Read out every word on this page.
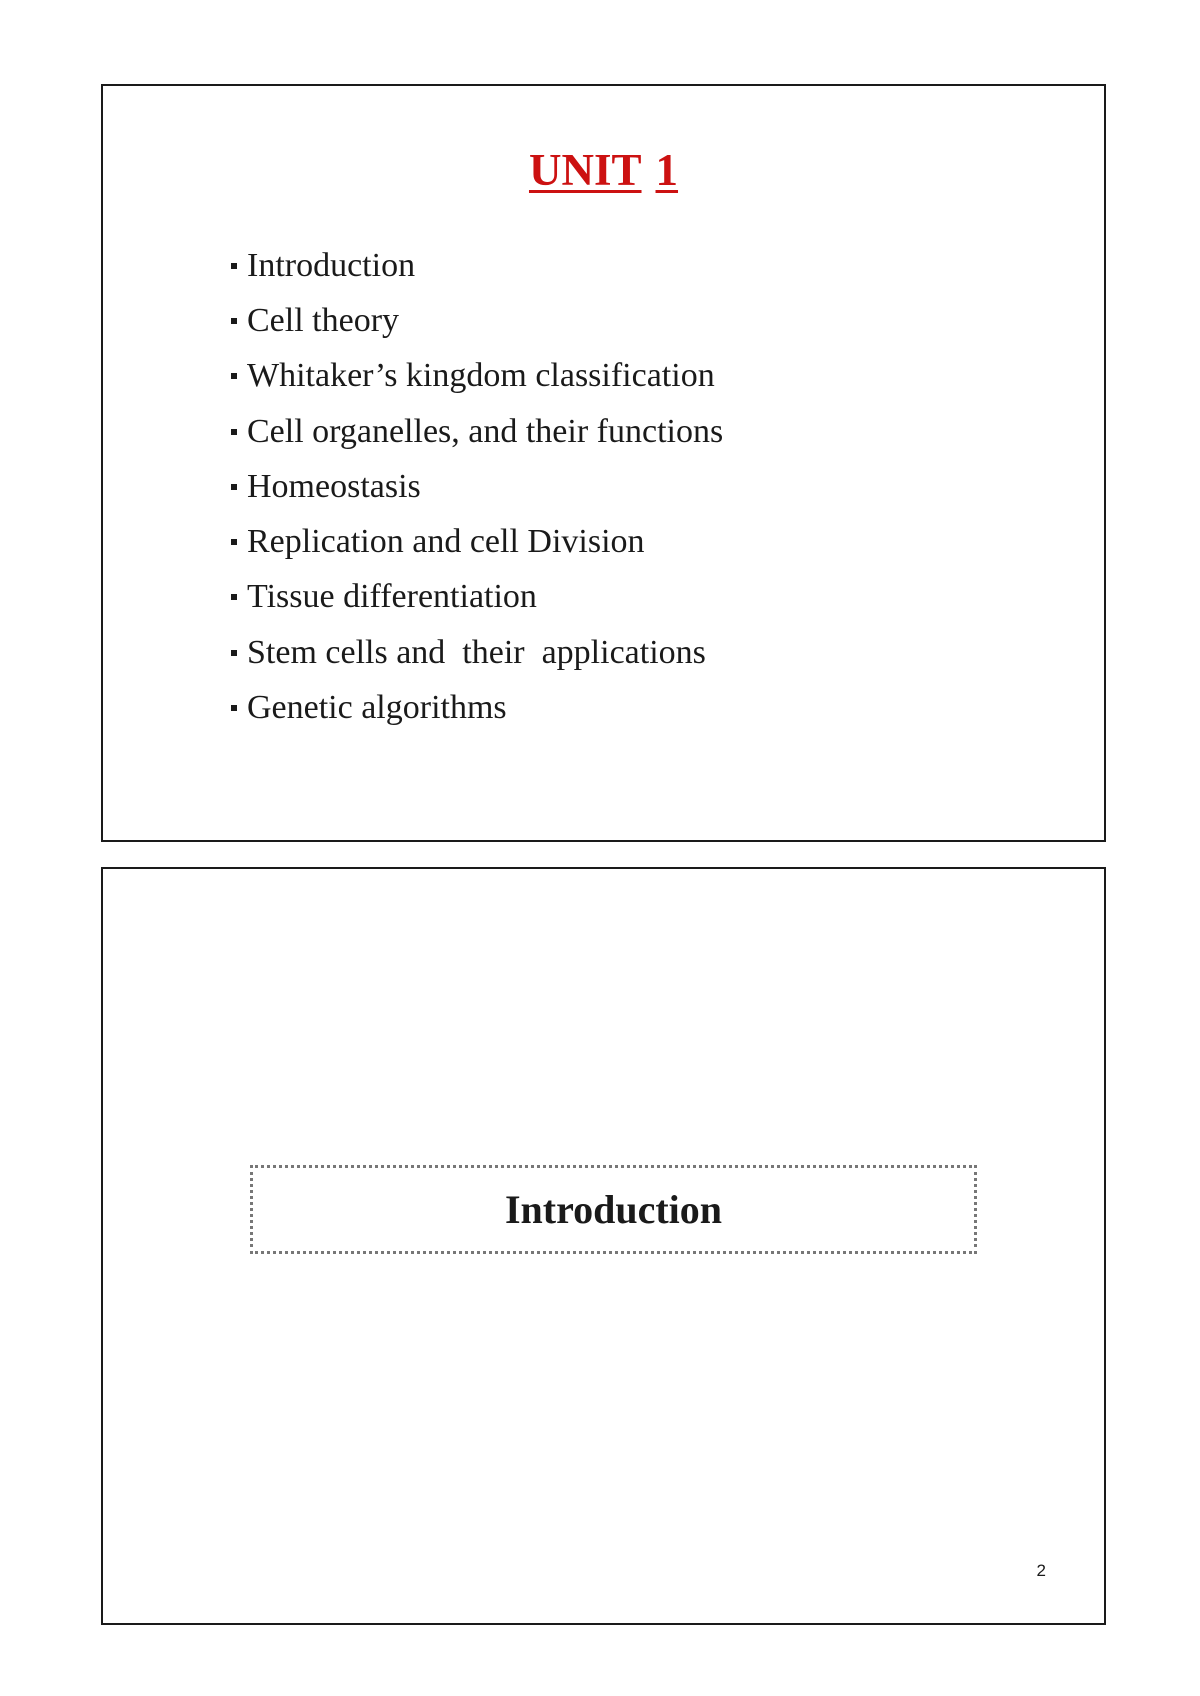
UNIT 1
Introduction
Cell theory
Whitaker’s kingdom classification
Cell organelles, and their functions
Homeostasis
Replication and cell Division
Tissue differentiation
Stem cells and  their  applications
Genetic algorithms
Introduction
2
